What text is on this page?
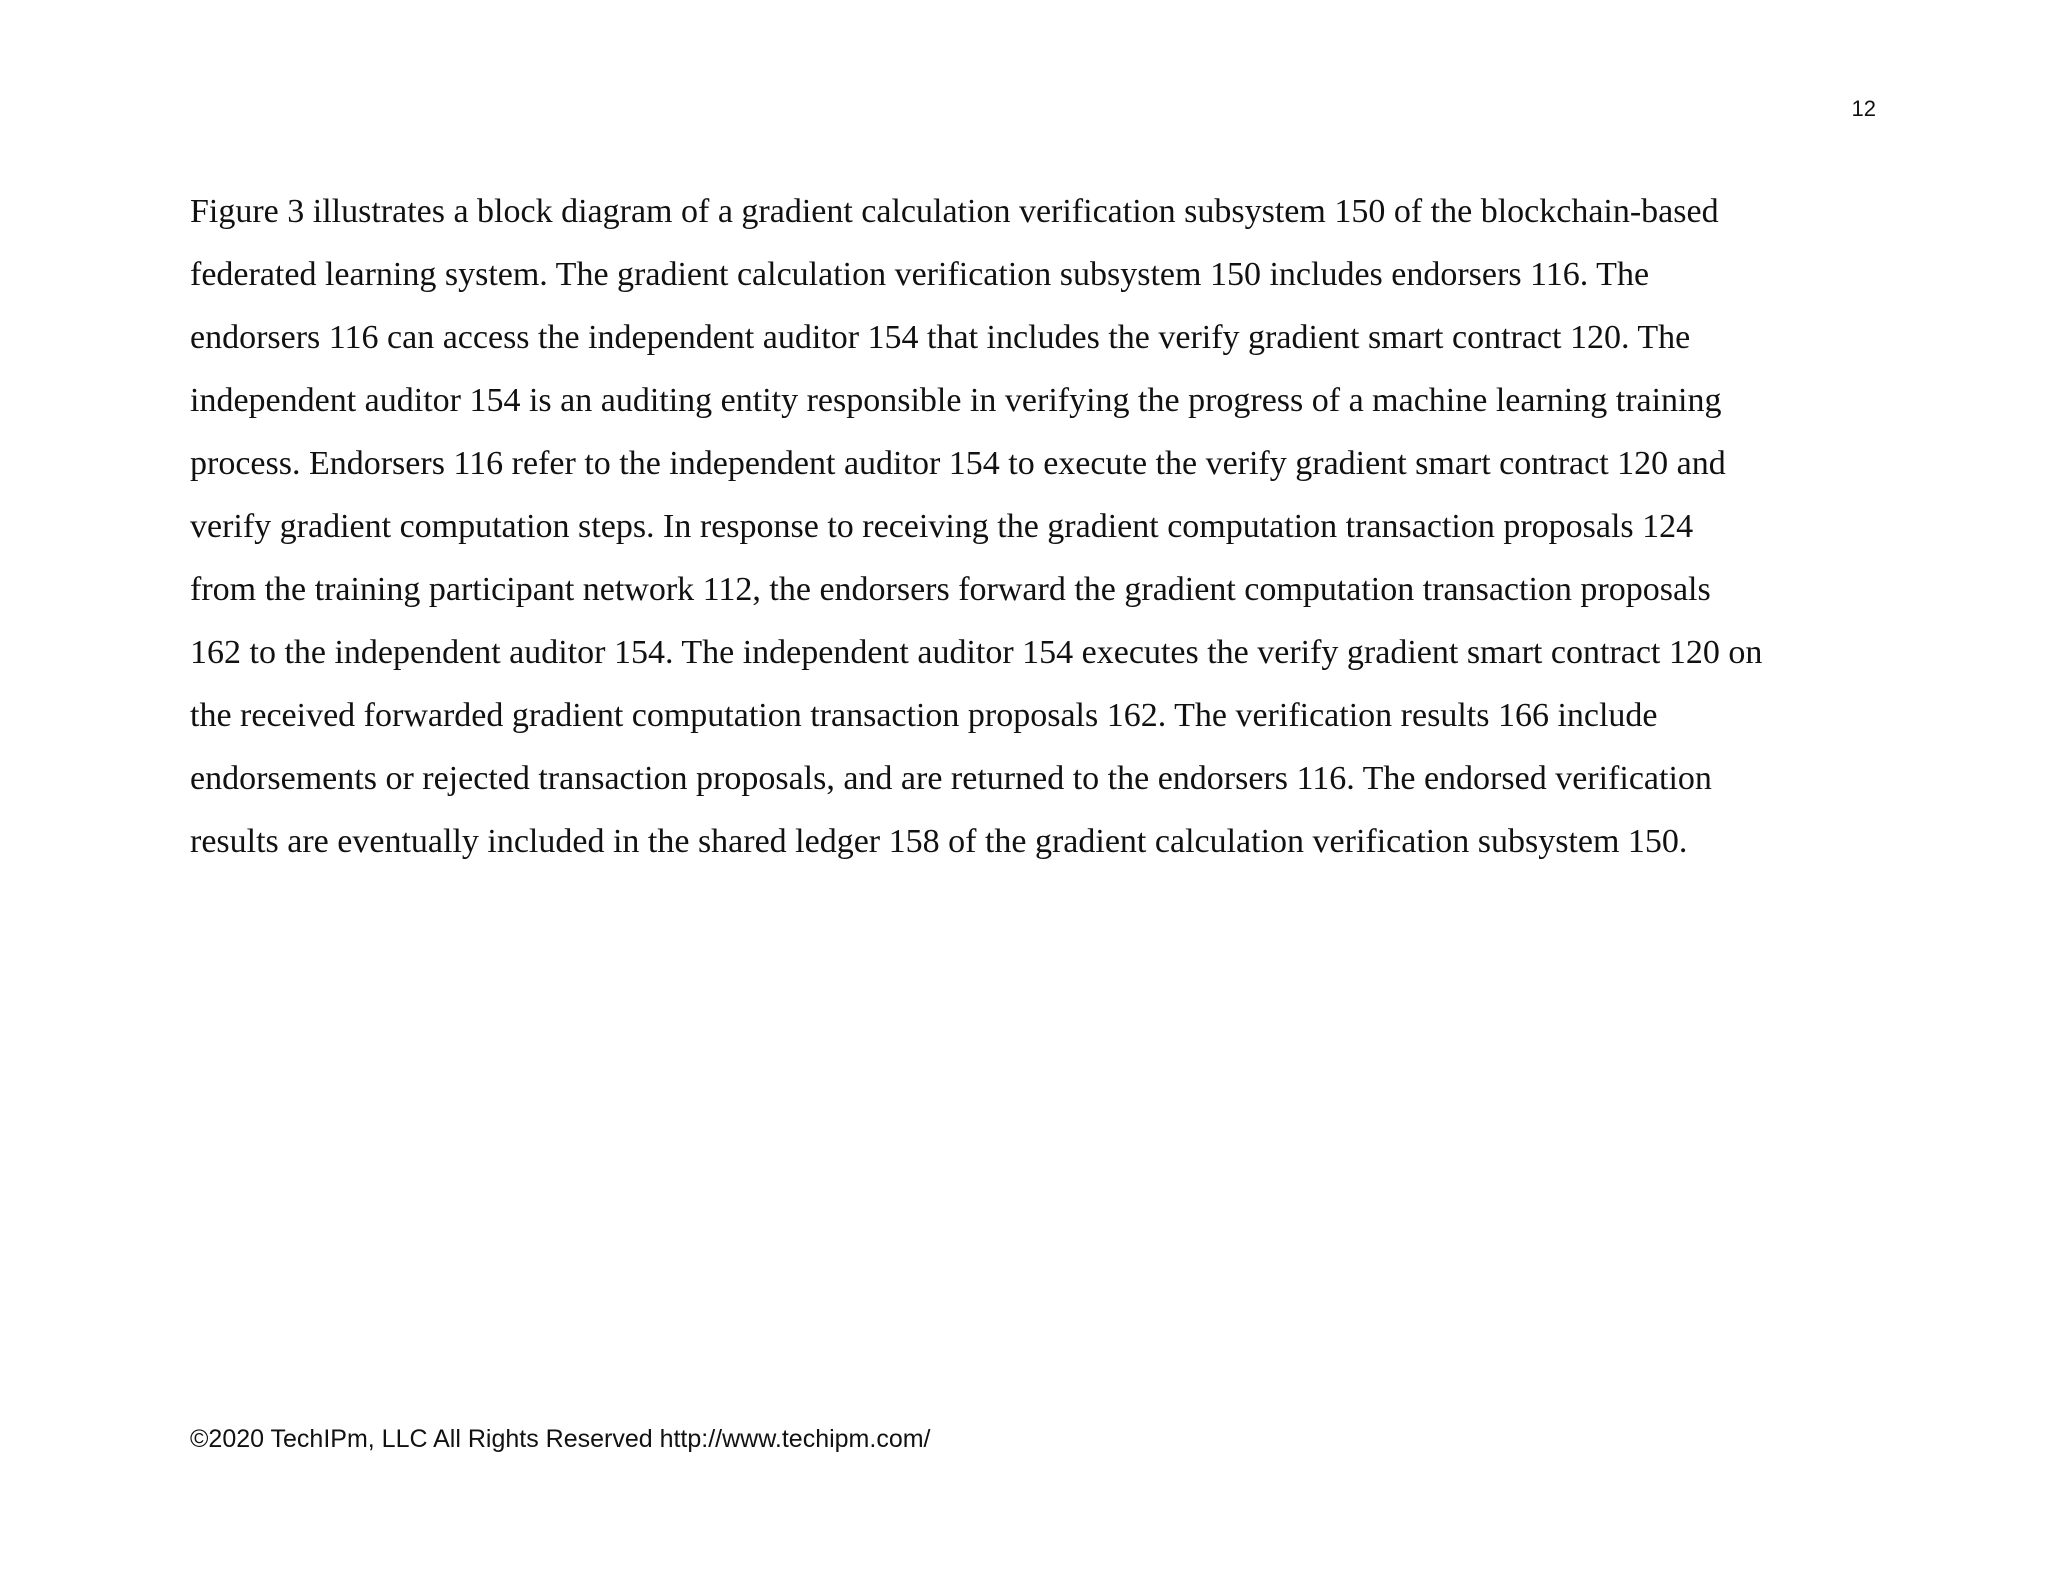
12
Figure 3 illustrates a block diagram of a gradient calculation verification subsystem 150 of the blockchain-based
federated learning system. The gradient calculation verification subsystem 150 includes endorsers 116. The
endorsers 116 can access the independent auditor 154 that includes the verify gradient smart contract 120. The
independent auditor 154 is an auditing entity responsible in verifying the progress of a machine learning training
process. Endorsers 116 refer to the independent auditor 154 to execute the verify gradient smart contract 120 and
verify gradient computation steps. In response to receiving the gradient computation transaction proposals 124
from the training participant network 112, the endorsers forward the gradient computation transaction proposals
162 to the independent auditor 154. The independent auditor 154 executes the verify gradient smart contract 120 on
the received forwarded gradient computation transaction proposals 162. The verification results 166 include
endorsements or rejected transaction proposals, and are returned to the endorsers 116. The endorsed verification
results are eventually included in the shared ledger 158 of the gradient calculation verification subsystem 150.
©2020 TechIPm, LLC All Rights Reserved http://www.techipm.com/
